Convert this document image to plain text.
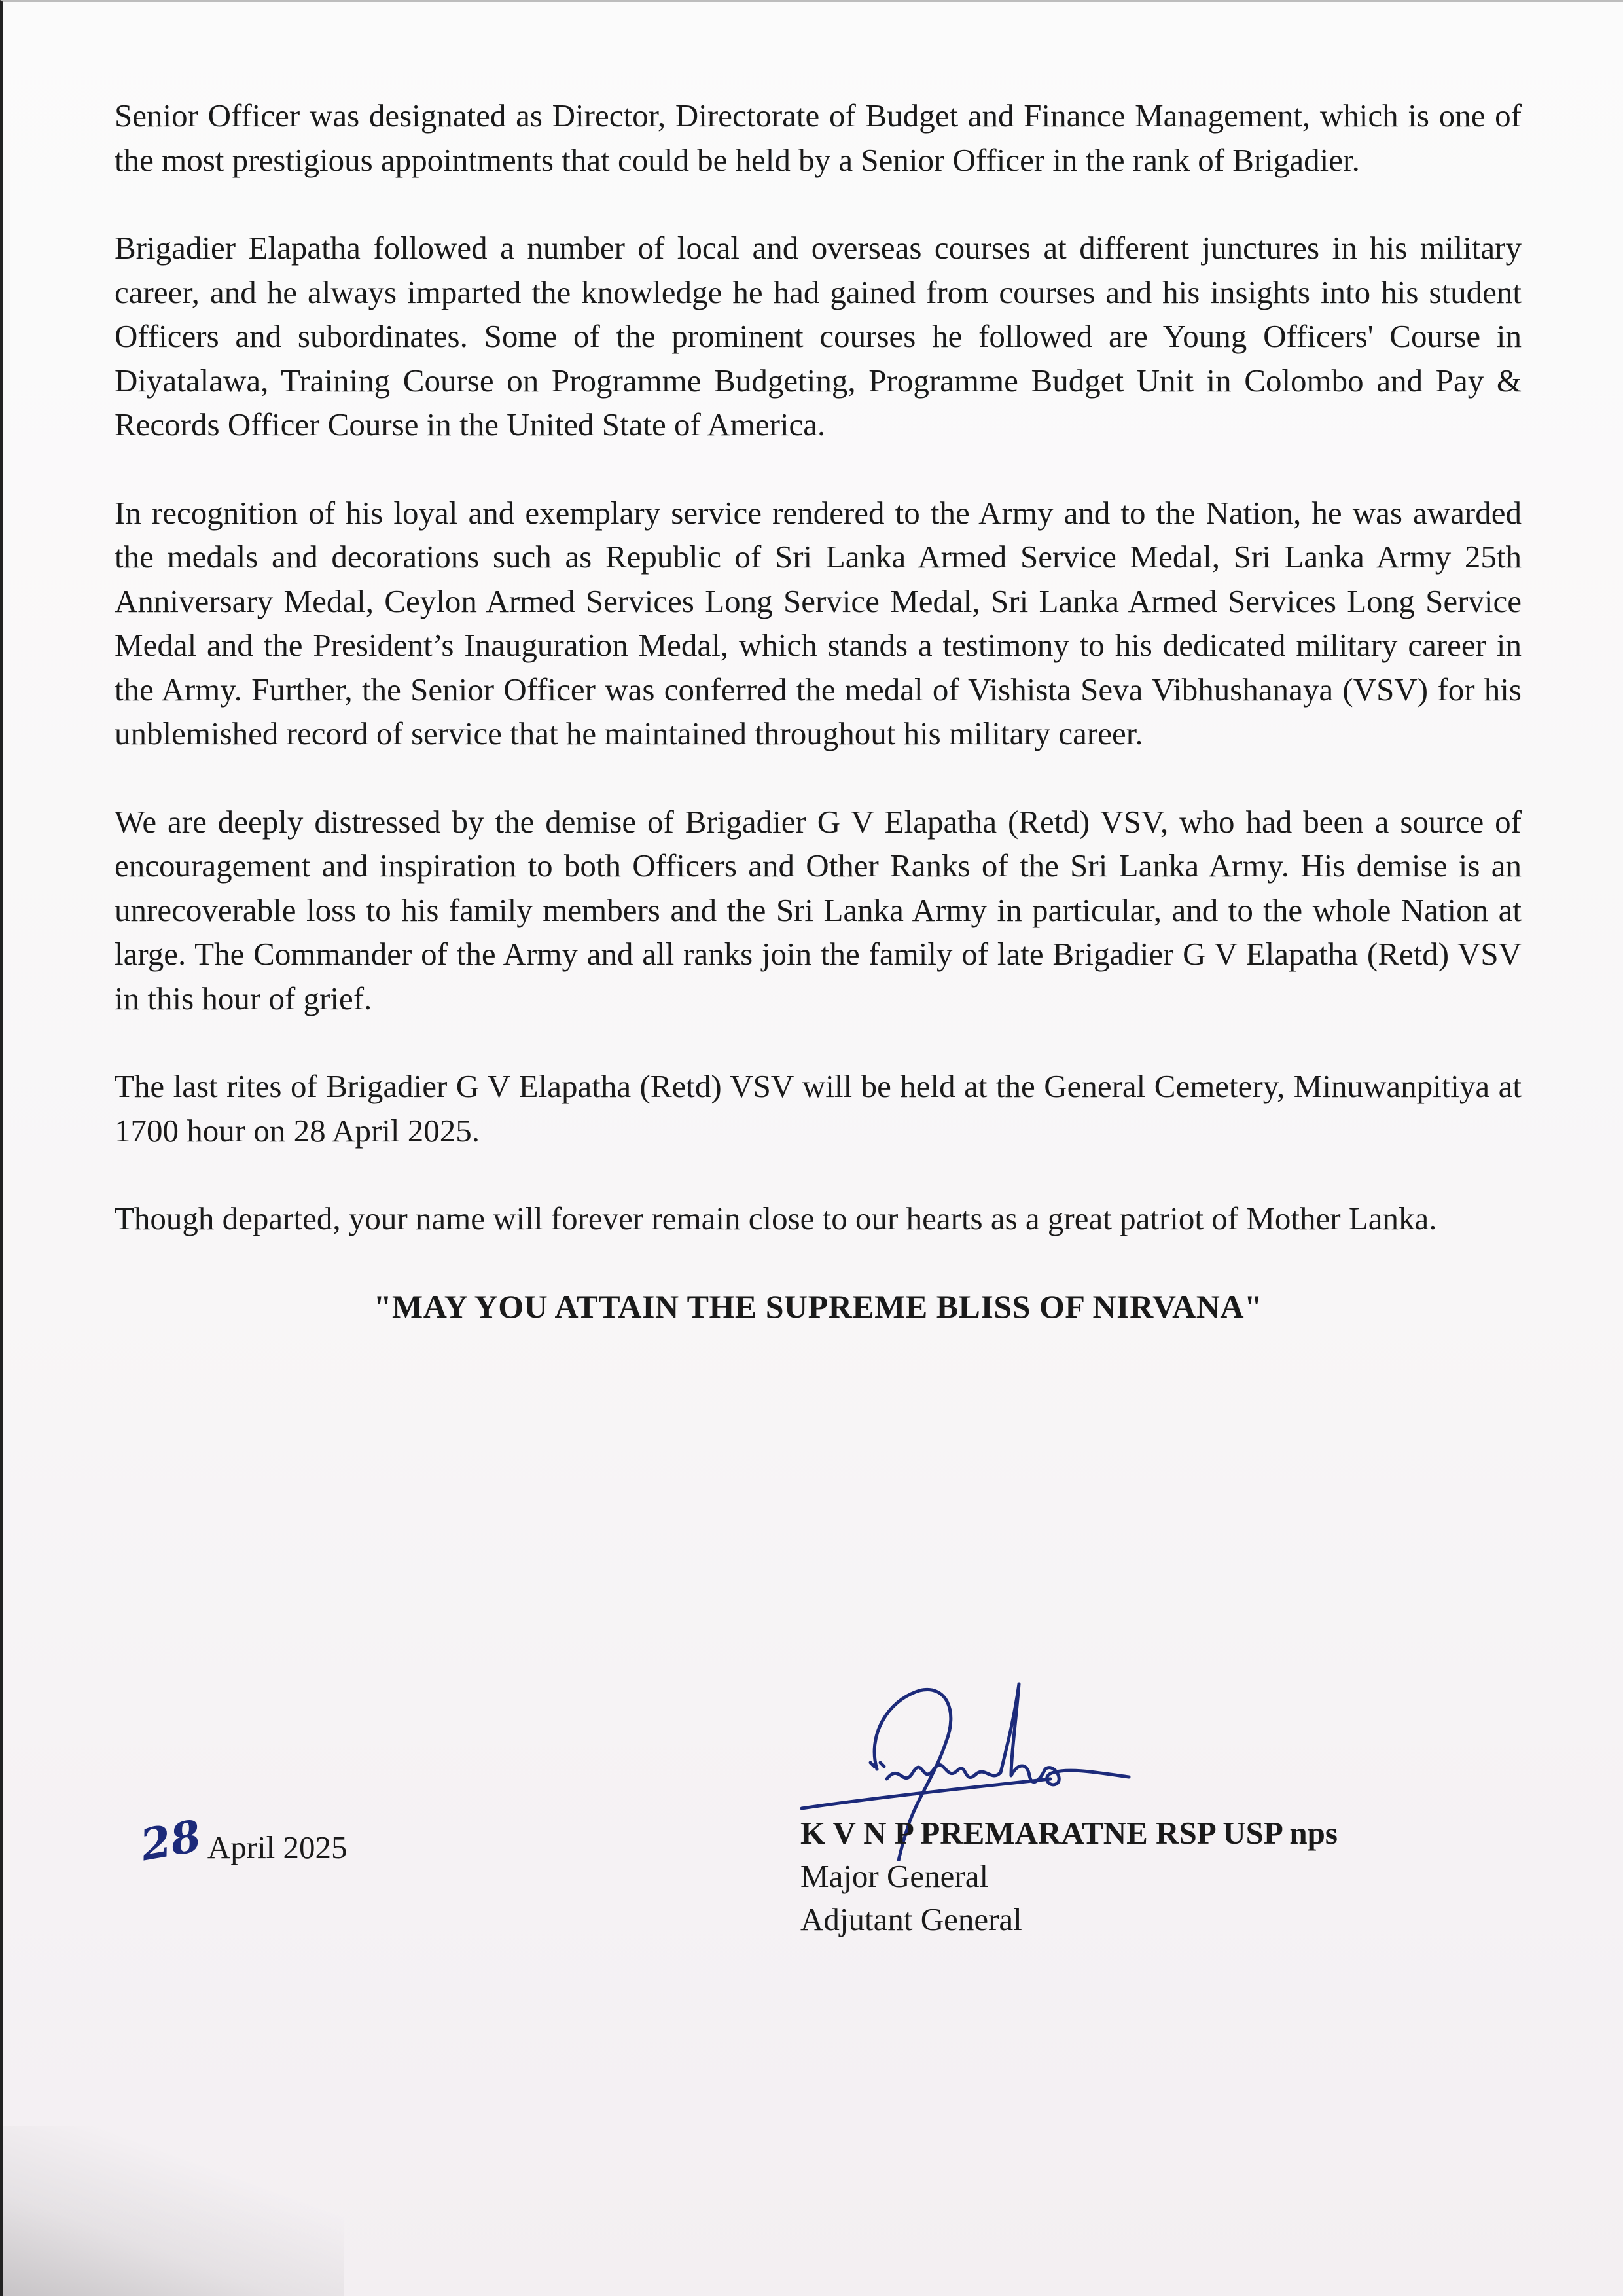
Senior Officer was designated as Director, Directorate of Budget and Finance Management, which is one of the most prestigious appointments that could be held by a Senior Officer in the rank of Brigadier.

Brigadier Elapatha followed a number of local and overseas courses at different junctures in his military career, and he always imparted the knowledge he had gained from courses and his insights into his student Officers and subordinates. Some of the prominent courses he followed are Young Officers' Course in Diyatalawa, Training Course on Programme Budgeting, Programme Budget Unit in Colombo and Pay & Records Officer Course in the United State of America.

In recognition of his loyal and exemplary service rendered to the Army and to the Nation, he was awarded the medals and decorations such as Republic of Sri Lanka Armed Service Medal, Sri Lanka Army 25th Anniversary Medal, Ceylon Armed Services Long Service Medal, Sri Lanka Armed Services Long Service Medal and the President’s Inauguration Medal, which stands a testimony to his dedicated military career in the Army. Further, the Senior Officer was conferred the medal of Vishista Seva Vibhushanaya (VSV) for his unblemished record of service that he maintained throughout his military career.

We are deeply distressed by the demise of Brigadier G V Elapatha (Retd) VSV, who had been a source of encouragement and inspiration to both Officers and Other Ranks of the Sri Lanka Army. His demise is an unrecoverable loss to his family members and the Sri Lanka Army in particular, and to the whole Nation at large. The Commander of the Army and all ranks join the family of late Brigadier G V Elapatha (Retd) VSV in this hour of grief.

The last rites of Brigadier G V Elapatha (Retd) VSV will be held at the General Cemetery, Minuwanpitiya at 1700 hour on 28 April 2025.

Though departed, your name will forever remain close to our hearts as a great patriot of Mother Lanka.

"MAY YOU ATTAIN THE SUPREME BLISS OF NIRVANA"

28 April 2025	K V N P PREMARATNE RSP USP nps
Major General
Adjutant General
